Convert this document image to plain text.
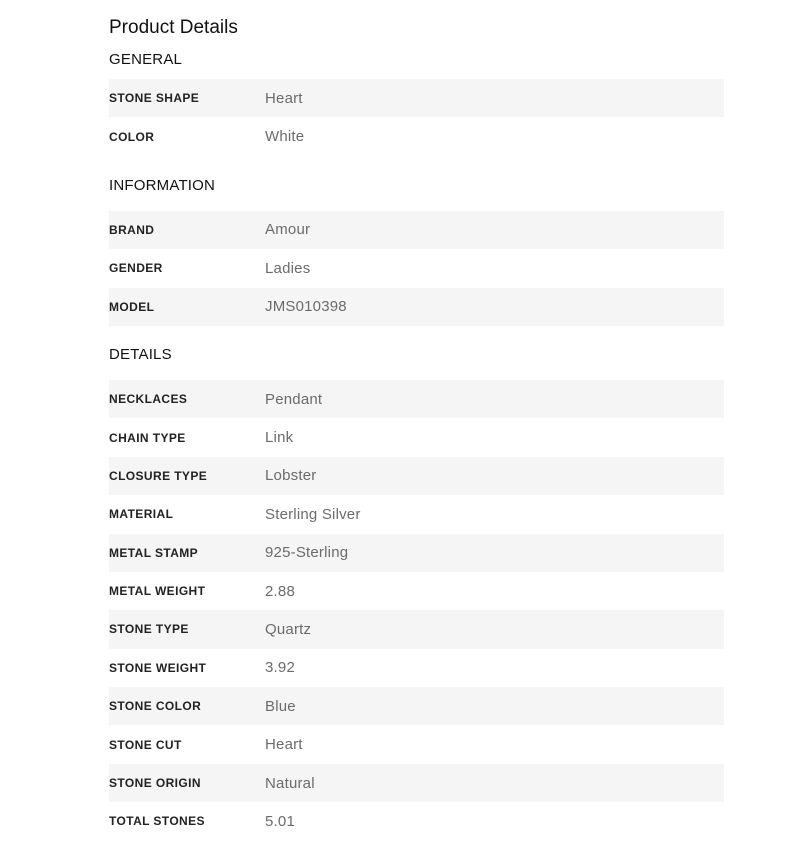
Product Details
GENERAL
STONE SHAPE	Heart
COLOR	White
INFORMATION
BRAND	Amour
GENDER	Ladies
MODEL	JMS010398
DETAILS
NECKLACES	Pendant
CHAIN TYPE	Link
CLOSURE TYPE	Lobster
MATERIAL	Sterling Silver
METAL STAMP	925-Sterling
METAL WEIGHT	2.88
STONE TYPE	Quartz
STONE WEIGHT	3.92
STONE COLOR	Blue
STONE CUT	Heart
STONE ORIGIN	Natural
TOTAL STONES	5.01
